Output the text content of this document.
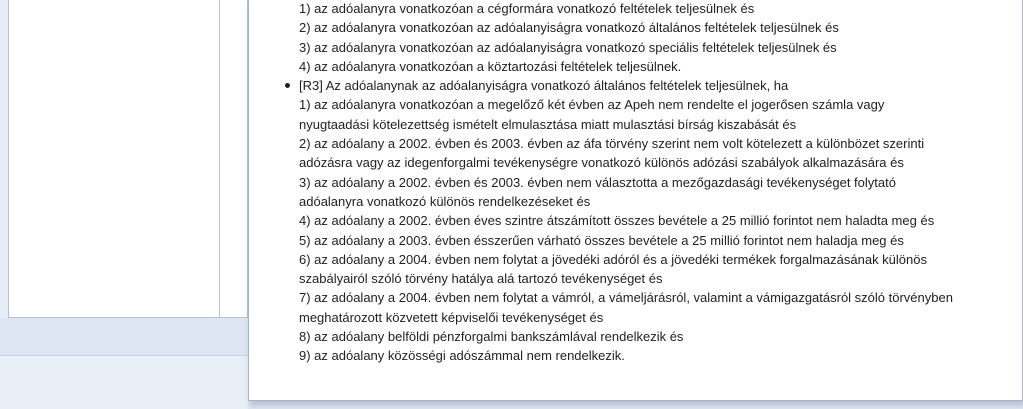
1) az adóalanyra vonatkozóan a cégformára vonatkozó feltételek teljesülnek és
2) az adóalanyra vonatkozóan az adóalanyiságra vonatkozó általános feltételek teljesülnek és
3) az adóalanyra vonatkozóan az adóalanyiságra vonatkozó speciális feltételek teljesülnek és
4) az adóalanyra vonatkozóan a köztartozási feltételek teljesülnek.
[R3] Az adóalanynak az adóalanyiságra vonatkozó általános feltételek teljesülnek, ha
1) az adóalanyra vonatkozóan a megelőző két évben az Apeh nem rendelte el jogerősen számla vagy
nyugtaadási kötelezettség ismételt elmulasztása miatt mulasztási bírság kiszabását és
2) az adóalany a 2002. évben és 2003. évben az áfa törvény szerint nem volt kötelezett a különbözet szerinti
adózásra vagy az idegenforgalmi tevékenységre vonatkozó különös adózási szabályok alkalmazására és
3) az adóalany a 2002. évben és 2003. évben nem választotta a mezőgazdasági tevékenységet folytató
adóalanyra vonatkozó különös rendelkezéseket és
4) az adóalany a 2002. évben éves szintre átszámított összes bevétele a 25 millió forintot nem haladta meg és
5) az adóalany a 2003. évben ésszerűen várható összes bevétele a 25 millió forintot nem haladja meg és
6) az adóalany a 2004. évben nem folytat a jövedéki adóról és a jövedéki termékek forgalmazásának különös
szabályairól szóló törvény hatálya alá tartozó tevékenységet és
7) az adóalany a 2004. évben nem folytat a vámról, a vámeljárásról, valamint a vámigazgatásról szóló törvényben
meghatározott közvetett képviselői tevékenységet és
8) az adóalany belföldi pénzforgalmi bankszámlával rendelkezik és
9) az adóalany közösségi adószámmal nem rendelkezik.
